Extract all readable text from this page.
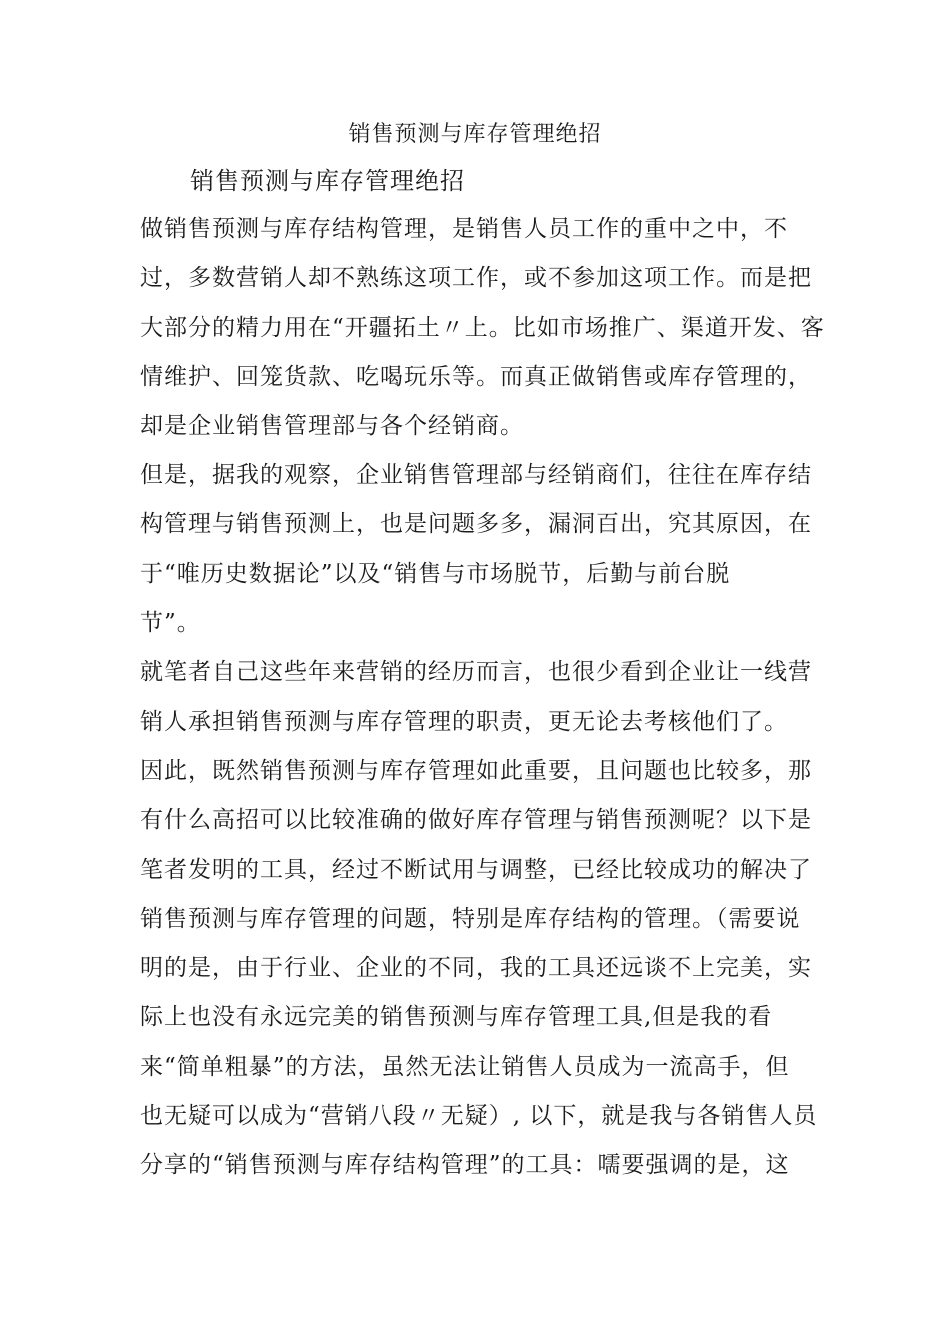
销售预测与库存管理绝招
销售预测与库存管理绝招
做销售预测与库存结构管理，是销售人员工作的重中之中，不
过，多数营销人却不熟练这项工作，或不参加这项工作。而是把
大部分的精力用在“开疆拓土〃上。比如市场推广、渠道开发、客
情维护、回笼货款、吃喝玩乐等。而真正做销售或库存管理的，
却是企业销售管理部与各个经销商。
但是，据我的观察，企业销售管理部与经销商们，往往在库存结
构管理与销售预测上，也是问题多多，漏洞百出，究其原因，在
于“唯历史数据论”以及“销售与市场脱节，后勤与前台脱
节”。
就笔者自己这些年来营销的经历而言，也很少看到企业让一线营
销人承担销售预测与库存管理的职责，更无论去考核他们了。
因此，既然销售预测与库存管理如此重要，且问题也比较多，那
有什么高招可以比较准确的做好库存管理与销售预测呢？以下是
笔者发明的工具，经过不断试用与调整，已经比较成功的解决了
销售预测与库存管理的问题，特别是库存结构的管理。（需要说
明的是，由于行业、企业的不同，我的工具还远谈不上完美，实
际上也没有永远完美的销售预测与库存管理工具,但是我的看
来“简单粗暴”的方法，虽然无法让销售人员成为一流高手，但
也无疑可以成为“营销八段〃无疑）, 以下，就是我与各销售人员
分享的“销售预测与库存结构管理”的工具：嚅要强调的是，这
